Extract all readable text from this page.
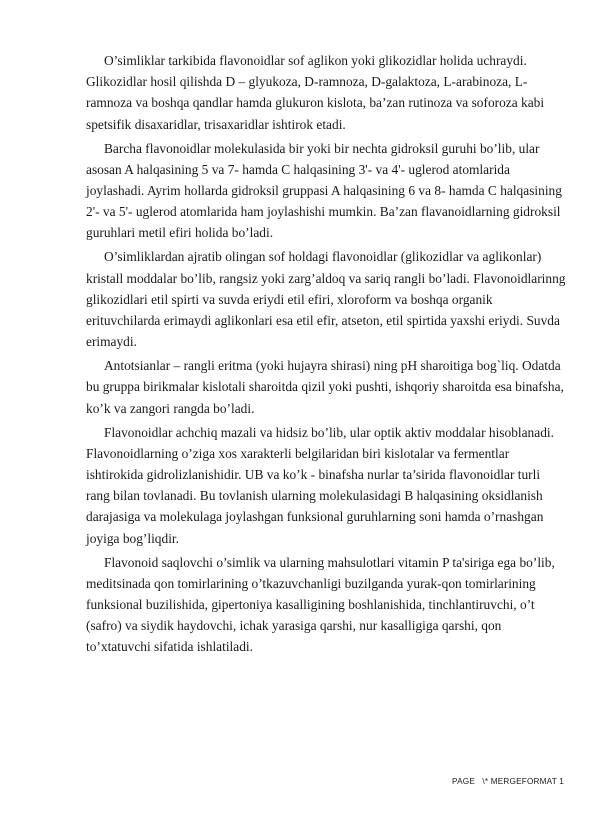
O’simliklar tarkibida flavonoidlar sof aglikon yoki glikozidlar holida uchraydi. Glikozidlar hosil qilishda D – glyukoza, D-ramnoza, D-galaktoza, L-arabinoza, L-ramnoza va boshqa qandlar hamda glukuron kislota, ba’zan rutinoza va soforoza kabi spetsifik disaxaridlar, trisaxaridlar ishtirok etadi.

Barcha flavonoidlar molekulasida bir yoki bir nechta gidroksil guruhi bo’lib, ular asosan A halqasining 5 va 7- hamda C halqasining 3'- va 4'- uglerod atomlarida joylashadi. Ayrim hollarda gidroksil gruppasi A halqasining 6 va 8- hamda C halqasining 2'- va 5'- uglerod atomlarida ham joylashishi mumkin. Ba’zan flavanoidlarning gidroksil guruhlari metil efiri holida bo’ladi.

O’simliklardan ajratib olingan sof holdagi flavonoidlar (glikozidlar va aglikonlar) kristall moddalar bo’lib, rangsiz yoki zarg’aldoq va sariq rangli bo’ladi. Flavonoidlarinng glikozidlari etil spirti va suvda eriydi etil efiri, xloroform va boshqa organik erituvchilarda erimaydi aglikonlari esa etil efir, atseton, etil spirtida yaxshi eriydi. Suvda erimaydi.

Antotsianlar – rangli eritma (yoki hujayra shirasi) ning pH sharoitiga bog`liq. Odatda bu gruppa birikmalar kislotali sharoitda qizil yoki pushti, ishqoriy sharoitda esa binafsha, ko’k va zangori rangda bo’ladi.

Flavonoidlar achchiq mazali va hidsiz bo’lib, ular optik aktiv moddalar hisoblanadi. Flavonoidlarning o’ziga xos xarakterli belgilaridan biri kislotalar va fermentlar ishtirokida gidrolizlanishidir. UB va ko’k - binafsha nurlar ta’sirida flavonoidlar turli rang bilan tovlanadi. Bu tovlanish ularning molekulasidagi B halqasining oksidlanish darajasiga va molekulaga joylashgan funksional guruhlarning soni hamda o’rnashgan joyiga bog’liqdir.

Flavonoid saqlovchi o’simlik va ularning mahsulotlari vitamin P ta'siriga ega bo’lib, meditsinada qon tomirlarining o’tkazuvchanligi buzilganda yurak-qon tomirlarining funksional buzilishida, gipertoniya kasalligining boshlanishida, tinchlantiruvchi, o’t (safro) va siydik haydovchi, ichak yarasiga qarshi, nur kasalligiga qarshi, qon to’xtatuvchi sifatida ishlatiladi.

PAGE   \* MERGEFORMAT 1
